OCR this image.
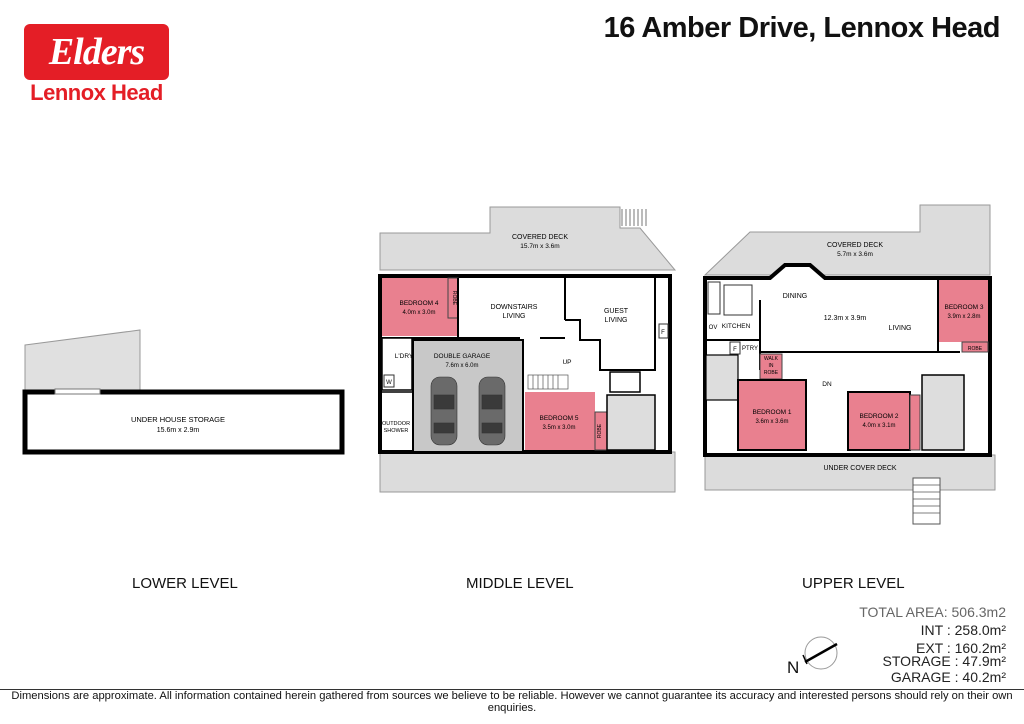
Elders
Lennox Head
16 Amber Drive, Lennox Head
UNDER HOUSE STORAGE
15.6m x 2.9m
COVERED DECK
15.7m x 3.6m
BEDROOM 4
4.0m x 3.0m
ROBE
DOWNSTAIRS
LIVING
GUEST
LIVING
F
L'DRY
W
OUTDOOR
SHOWER
DOUBLE GARAGE
7.6m x 6.0m	UP
BEDROOM 5
3.5m x 3.0m	ROBE
COVERED DECK
5.7m x 3.6m
UNDER COVER DECK
DINING
12.3m x 3.9m
LIVING
KITCHEN
OV
F PTRY
WALK
IN
ROBE
DN
BEDROOM 1
3.6m x 3.6m
BEDROOM 2
4.0m x 3.1m
BEDROOM 3
3.9m x 2.8m
ROBE
LOWER LEVEL	MIDDLE LEVEL	UPPER LEVEL
TOTAL AREA: 506.3m2
INT : 258.0m²
EXT : 160.2m²
STORAGE : 47.9m²
GARAGE : 40.2m²
N
Dimensions are approximate. All information contained herein gathered from sources we believe to be reliable. However we cannot guarantee its accuracy and interested persons should rely on their own enquiries.
